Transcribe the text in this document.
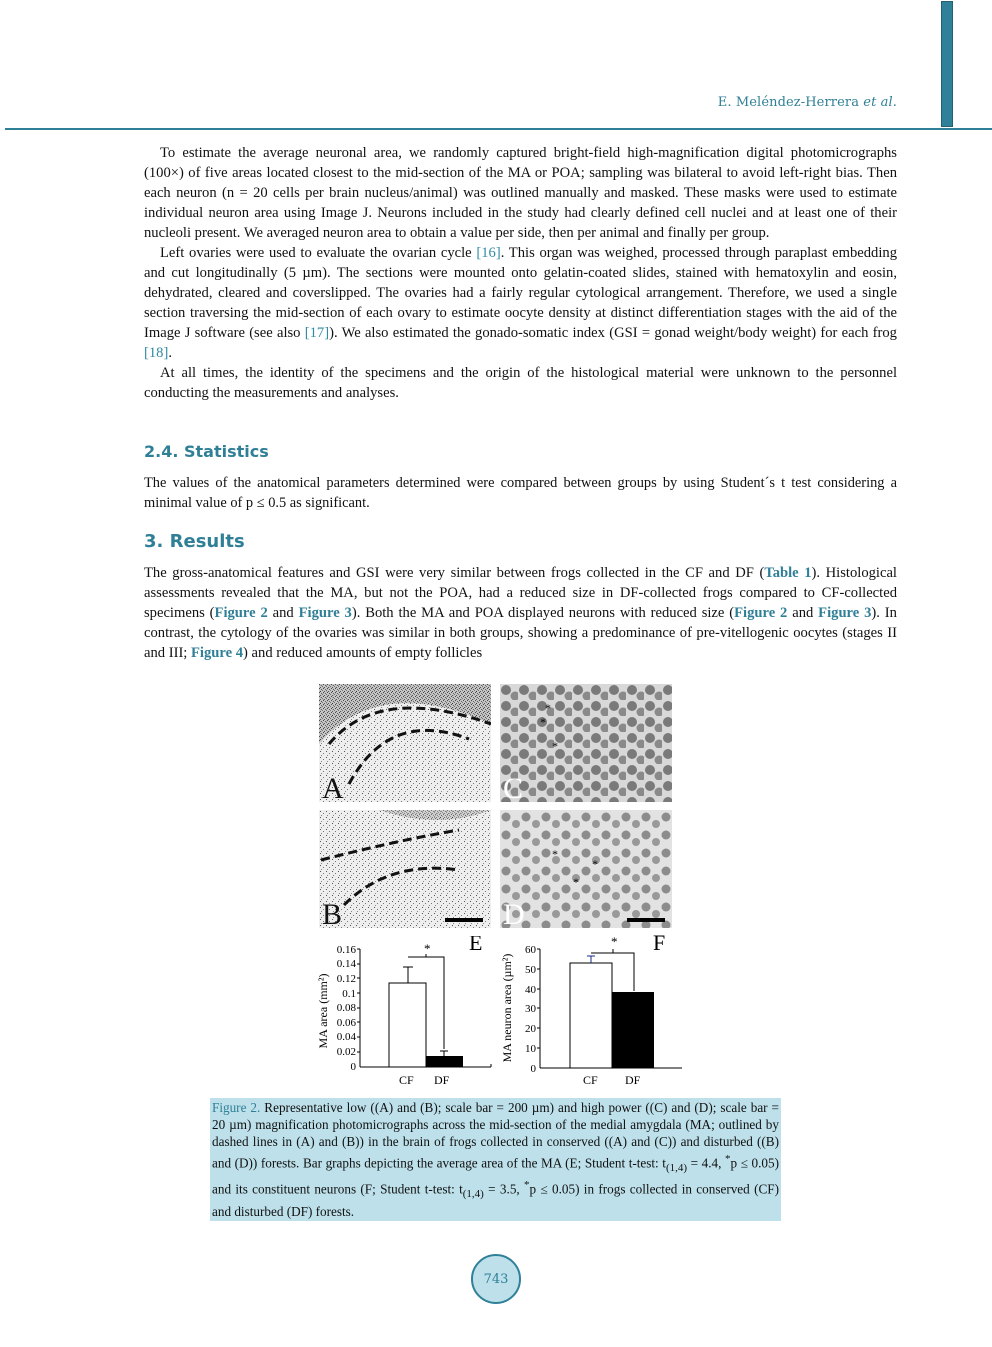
E. Meléndez-Herrera et al.

To estimate the average neuronal area, we randomly captured bright-field high-magnification digital photomicrographs (100×) of five areas located closest to the mid-section of the MA or POA; sampling was bilateral to avoid left-right bias. Then each neuron (n = 20 cells per brain nucleus/animal) was outlined manually and masked. These masks were used to estimate individual neuron area using Image J. Neurons included in the study had clearly defined cell nuclei and at least one of their nucleoli present. We averaged neuron area to obtain a value per side, then per animal and finally per group.

Left ovaries were used to evaluate the ovarian cycle [16]. This organ was weighed, processed through paraplast embedding and cut longitudinally (5 µm). The sections were mounted onto gelatin-coated slides, stained with hematoxylin and eosin, dehydrated, cleared and coverslipped. The ovaries had a fairly regular cytological arrangement. Therefore, we used a single section traversing the mid-section of each ovary to estimate oocyte density at distinct differentiation stages with the aid of the Image J software (see also [17]). We also estimated the gonado-somatic index (GSI = gonad weight/body weight) for each frog [18].

At all times, the identity of the specimens and the origin of the histological material were unknown to the personnel conducting the measurements and analyses.

2.4. Statistics
The values of the anatomical parameters determined were compared between groups by using Student´s t test considering a minimal value of p ≤ 0.5 as significant.
3. Results

The gross-anatomical features and GSI were very similar between frogs collected in the CF and DF (Table 1). Histological assessments revealed that the MA, but not the POA, had a reduced size in DF-collected frogs compared to CF-collected specimens (Figure 2 and Figure 3). Both the MA and POA displayed neurons with reduced size (Figure 2 and Figure 3). In contrast, the cytology of the ovaries was similar in both groups, showing a predominance of pre-vitellogenic oocytes (stages II and III; Figure 4) and reduced amounts of empty follicles

A
*
*
*
C
B
*
*
*
D
E
0.16
0.14
0.12
0.1
0.08
0.06
0.04
0.02
0
MA area (mm²)
*
CF DF
F
60
50
40
30
20
10
0
MA neuron area (µm²)
*
CF DF
Figure 2. Representative low ((A) and (B); scale bar = 200 µm) and high power ((C) and (D); scale bar = 20 µm) magnification photomicrographs across the mid-section of the medial amygdala (MA; outlined by dashed lines in (A) and (B)) in the brain of frogs collected in conserved ((A) and (C)) and disturbed ((B) and (D)) forests. Bar graphs depicting the average area of the MA (E; Student t-test: $t_{(1,4)} = 4.4$, *p ≤ 0.05) and its constituent neurons (F; Student t-test: $t_{(1,4)} = 3.5$, *p ≤ 0.05) in frogs collected in conserved (CF) and disturbed (DF) forests.
743
